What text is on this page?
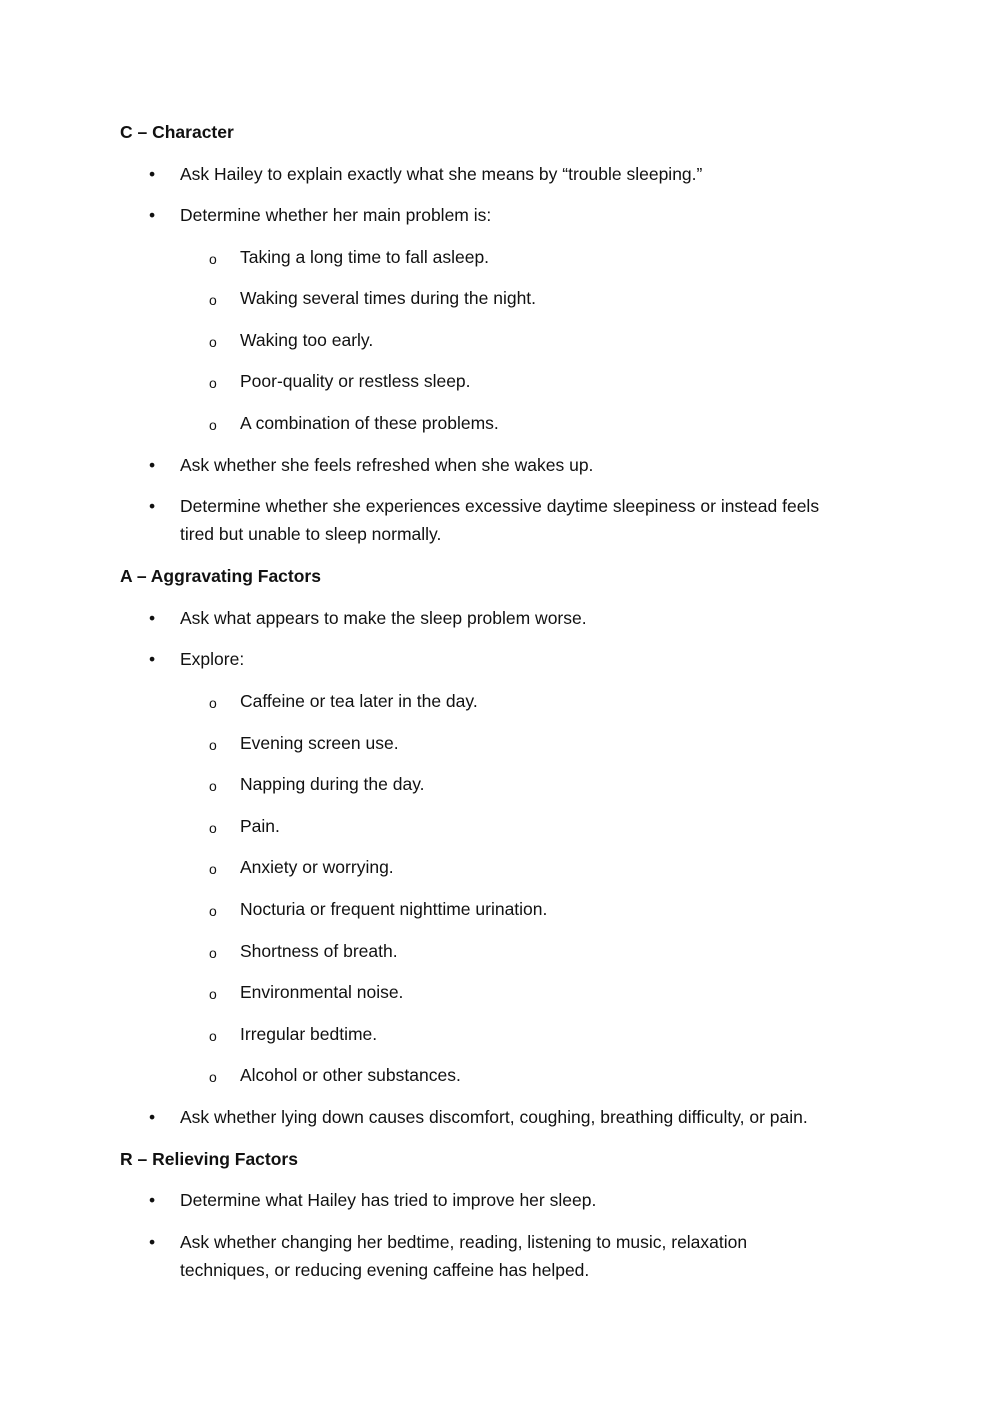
C – Character
•	Ask Hailey to explain exactly what she means by “trouble sleeping.”
•	Determine whether her main problem is:
o Taking a long time to fall asleep.
o Waking several times during the night.
o Waking too early.
o Poor-quality or restless sleep.
o A combination of these problems.
•	Ask whether she feels refreshed when she wakes up.
•	Determine whether she experiences excessive daytime sleepiness or instead feels tired but unable to sleep normally.
A – Aggravating Factors
•	Ask what appears to make the sleep problem worse.
•	Explore:
o Caffeine or tea later in the day.
o Evening screen use.
o Napping during the day.
o Pain.
o Anxiety or worrying.
o Nocturia or frequent nighttime urination.
o Shortness of breath.
o Environmental noise.
o Irregular bedtime.
o Alcohol or other substances.
•	Ask whether lying down causes discomfort, coughing, breathing difficulty, or pain.
R – Relieving Factors
•	Determine what Hailey has tried to improve her sleep.
•	Ask whether changing her bedtime, reading, listening to music, relaxation techniques, or reducing evening caffeine has helped.
